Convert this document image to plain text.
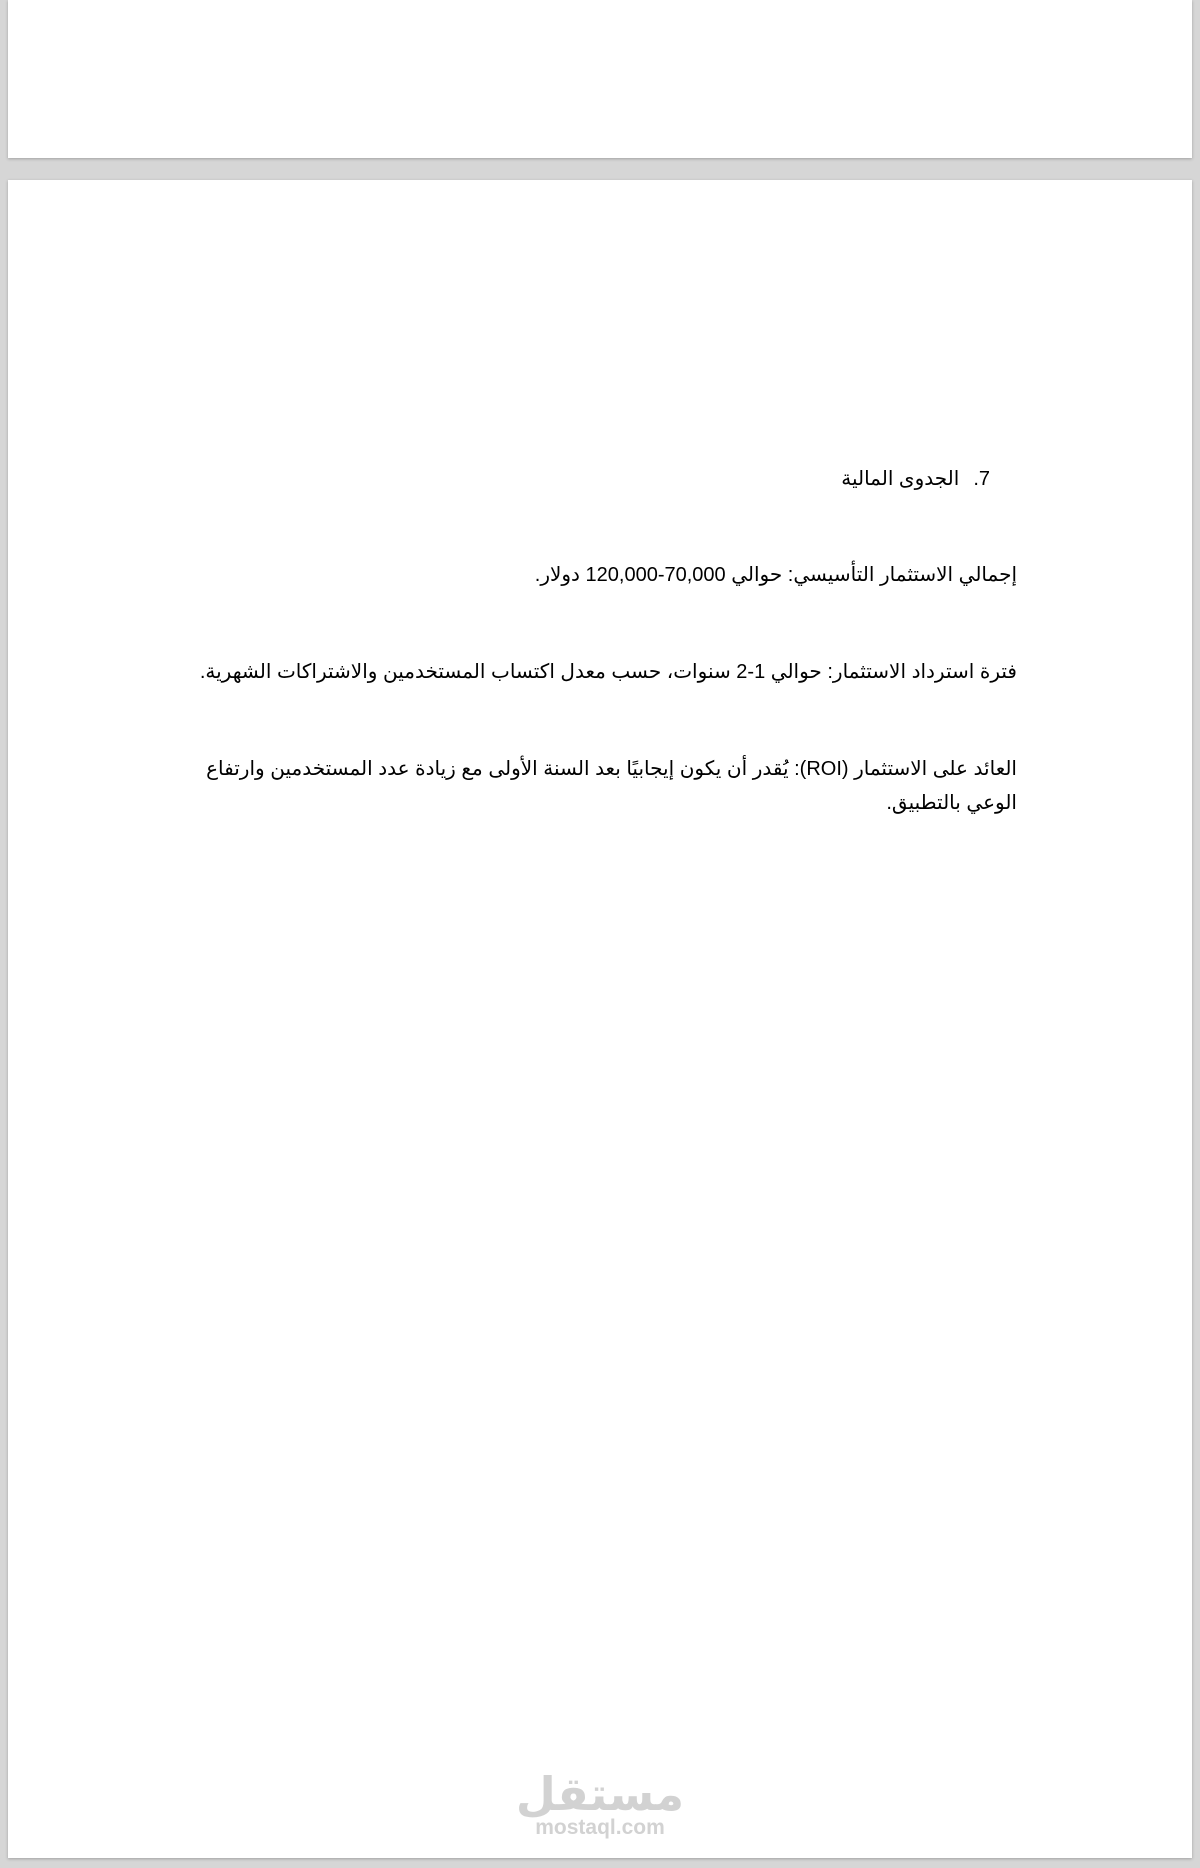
7.الجدوى المالية

إجمالي الاستثمار التأسيسي: حوالي 70,000-120,000 دولار.

فترة استرداد الاستثمار: حوالي 1-2 سنوات، حسب معدل اكتساب المستخدمين والاشتراكات الشهرية.

العائد على الاستثمار (ROI): يُقدر أن يكون إيجابيًا بعد السنة الأولى مع زيادة عدد المستخدمين وارتفاع الوعي بالتطبيق.

مستقل
mostaql.com
